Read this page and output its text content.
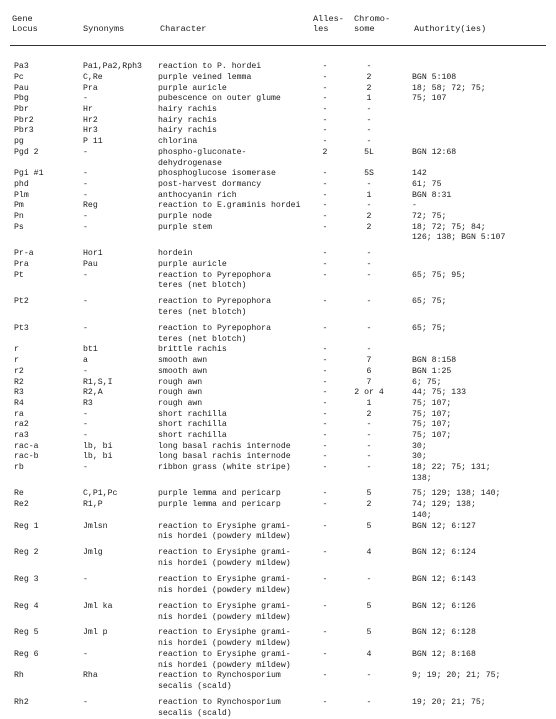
Gene
Locus	Synonyms	Character
Alles-
les
Chromo-
some	Authority(ies)
Pa3	Pa1,Pa2,Rph3	reaction to P. hordei	-	-
Pc	C,Re	purple veined lemma	-	2	BGN 5:108
Pau	Pra	purple auricle	-	2	18; 58; 72; 75;
Pbg	-	pubescence on outer glume	-	1	75; 107
Pbr	Hr	hairy rachis	-	-
Pbr2	Hr2	hairy rachis	-	-
Pbr3	Hr3	hairy rachis	-	-
pg	P 11	chlorina	-	-
Pgd 2	-	phospho-gluconate-	2	5L	BGN 12:68
dehydrogenase
Pgi #1	-	phosphoglucose isomerase	-	5S	142
phd	-	post-harvest dormancy	-	-	61; 75
Plm	-	anthocyanin rich	-	1	BGN 8:31
Pm	Reg	reaction to E.graminis hordei	-	-	-
Pn	-	purple node	-	2	72; 75;
Ps	-	purple stem	-	2	18; 72; 75; 84;
126; 138; BGN 5:107
Pr-a	Hor1	hordein	-	-
Pra	Pau	purple auricle	-	-
Pt	-	reaction to Pyrepophora	-	-	65; 75; 95;
teres (net blotch)
Pt2	-	reaction to Pyrepophora	-	-	65; 75;
teres (net blotch)
Pt3	-	reaction to Pyrepophora	-	-	65; 75;
teres (net blotch)
r	bt1	brittle rachis	-	-
r	a	smooth awn	-	7	BGN 8:158
r2	-	smooth awn	-	6	BGN 1:25
R2	R1,S,I	rough awn	-	7	6; 75;
R3	R2,A	rough awn	-	2 or 4	44; 75; 133
R4	R3	rough awn	-	1	75; 107;
ra	-	short rachilla	-	2	75; 107;
ra2	-	short rachilla	-	-	75; 107;
ra3	-	short rachilla	-	-	75; 107;
rac-a	lb, bi	long basal rachis internode	-	-	30;
rac-b	lb, bi	long basal rachis internode	-	-	30;
rb	-	ribbon grass (white stripe)	-	-	18; 22; 75; 131;
138;
Re	C,P1,Pc	purple lemma and pericarp	-	5	75; 129; 138; 140;
Re2	R1,P	purple lemma and pericarp	-	2	74; 129; 138;
140;
Reg 1	Jmlsn	reaction to Erysiphe grami-	-	5	BGN 12; 6:127
nis hordei (powdery mildew)
Reg 2	Jmlg	reaction to Erysiphe grami-	-	4	BGN 12; 6:124
nis hordei (powdery mildew)
Reg 3	-	reaction to Erysiphe grami-	-	-	BGN 12; 6:143
nis hordei (powdery mildew)
Reg 4	Jml ka	reaction to Erysiphe grami-	-	5	BGN 12; 6:126
nis hordei (powdery mildew)
Reg 5	Jml p	reaction to Erysiphe grami-	-	5	BGN 12; 6:128
nis hordei (powdery mildew)
Reg 6	-	reaction to Erysiphe grami-	-	4	BGN 12; 8:168
nis hordei (powdery mildew)
Rh	Rha	reaction to Rynchosporium	-	-	9; 19; 20; 21; 75;
secalis (scald)
Rh2	-	reaction to Rynchosporium	-	-	19; 20; 21; 75;
secalis (scald)
